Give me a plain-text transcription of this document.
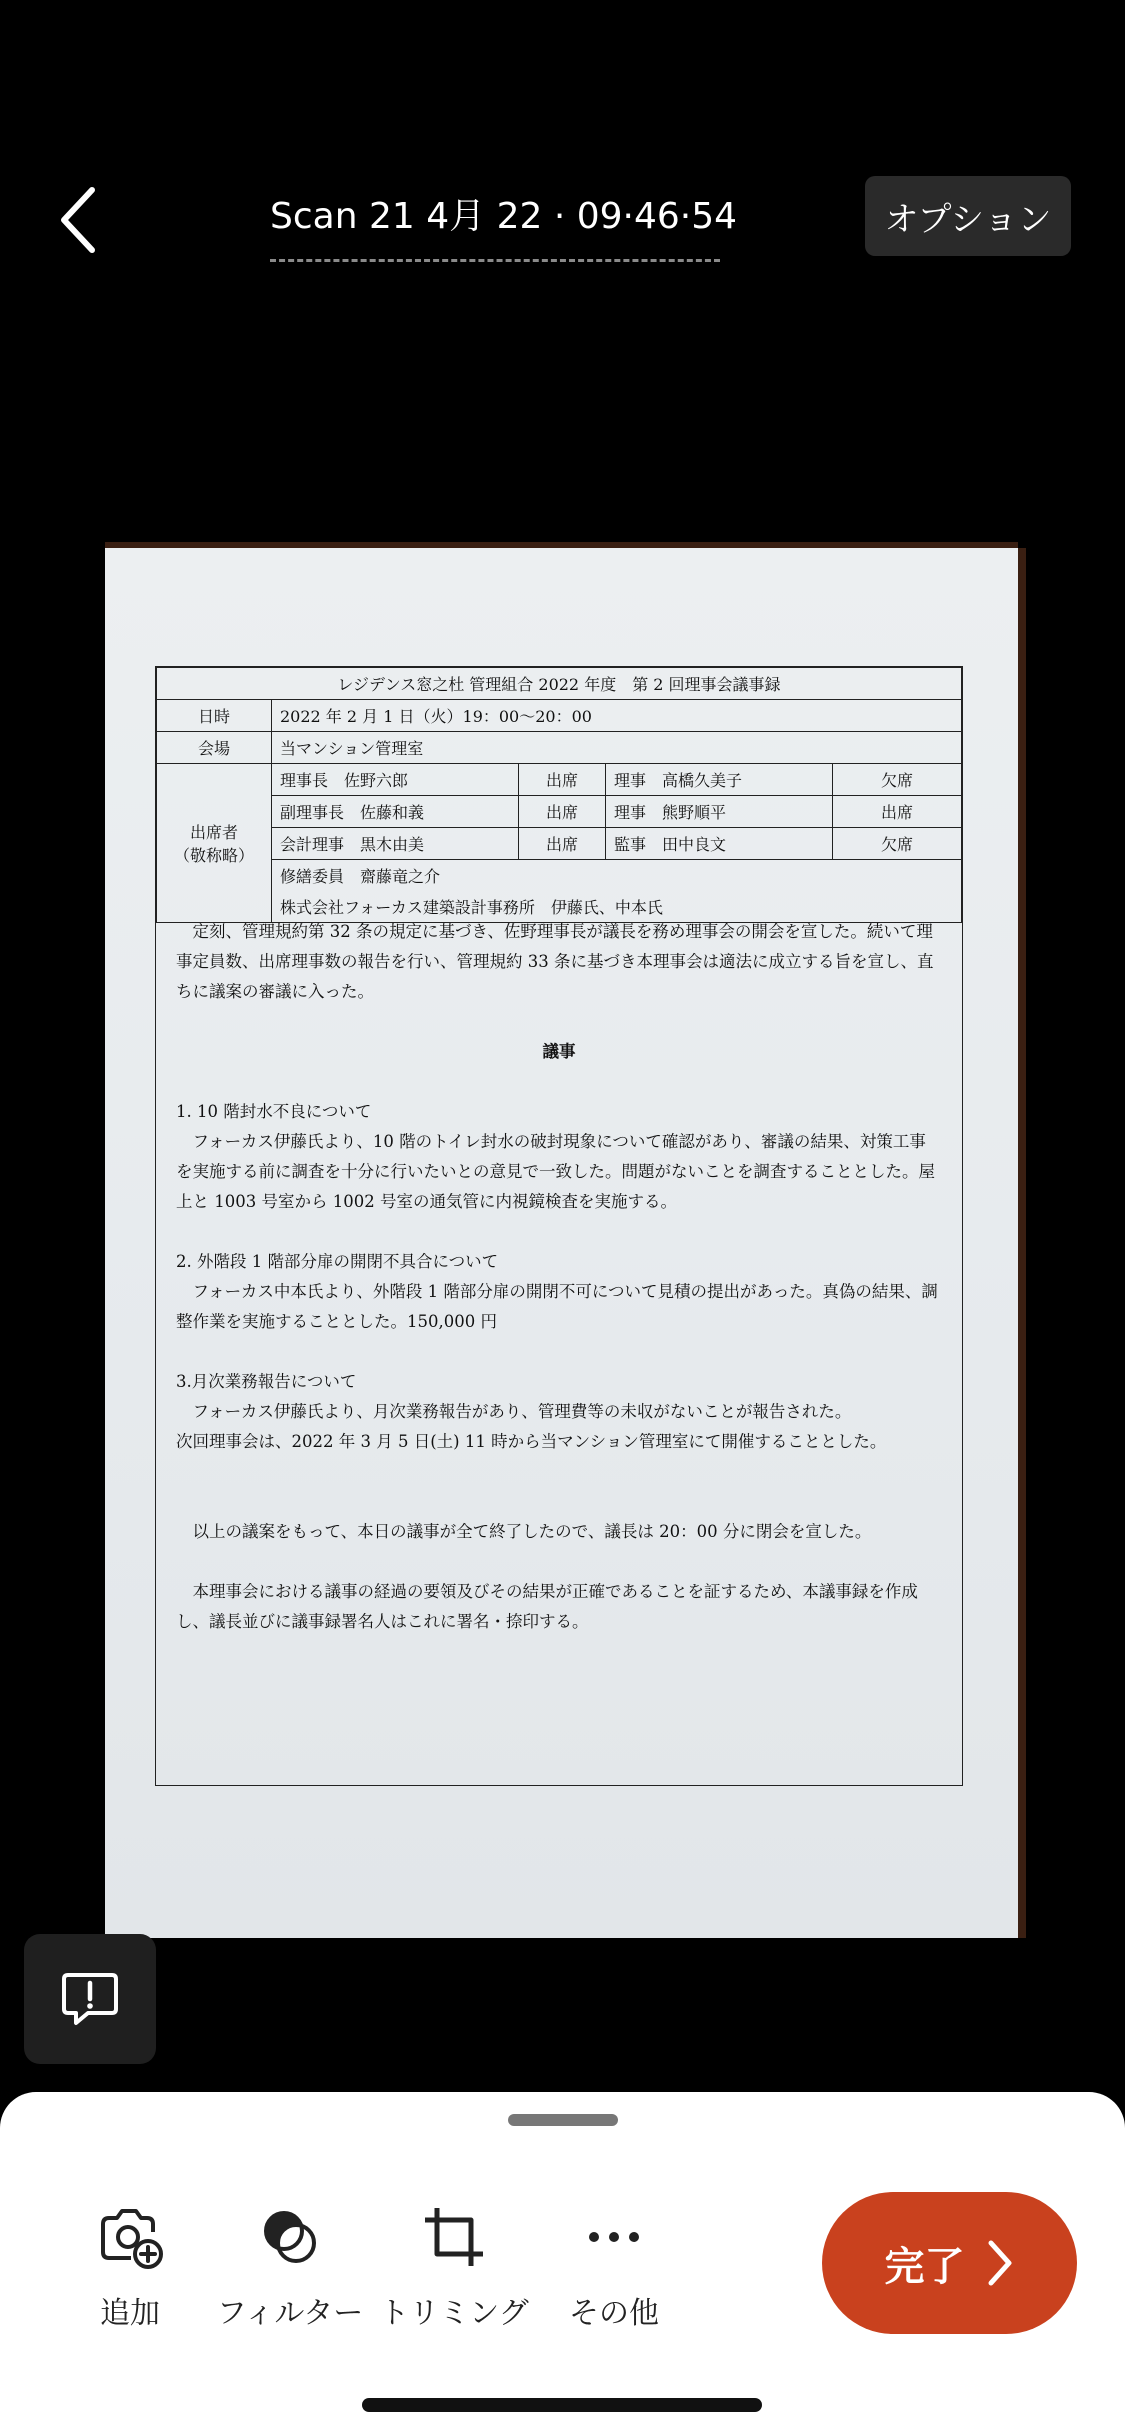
Scan 21 4月 22 · 09·46·54	オプション
レジデンス窓之杜 管理組合 2022 年度　第 2 回理事会議事録				
日時	2022 年 2 月 1 日（火）19：00〜20：00			
会場	当マンション管理室			
出席者
（敬称略）	理事長　佐野六郎	出席	理事　高橋久美子	欠席
	副理事長　佐藤和義	出席	理事　熊野順平	出席
	会計理事　黒木由美	出席	監事　田中良文	欠席
	修繕委員　齋藤竜之介			
	株式会社フォーカス建築設計事務所　伊藤氏、中本氏			

　定刻、管理規約第 32 条の規定に基づき、佐野理事長が議長を務め理事会の開会を宣した。続いて理事定員数、出席理事数の報告を行い、管理規約 33 条に基づき本理事会は適法に成立する旨を宣し、直ちに議案の審議に入った。

議事

1. 10 階封水不良について

　フォーカス伊藤氏より、10 階のトイレ封水の破封現象について確認があり、審議の結果、対策工事を実施する前に調査を十分に行いたいとの意見で一致した。問題がないことを調査することとした。屋上と 1003 号室から 1002 号室の通気管に内視鏡検査を実施する。

2. 外階段 1 階部分扉の開閉不具合について

　フォーカス中本氏より、外階段 1 階部分扉の開閉不可について見積の提出があった。真偽の結果、調整作業を実施することとした。150,000 円

3.月次業務報告について

　フォーカス伊藤氏より、月次業務報告があり、管理費等の未収がないことが報告された。

次回理事会は、2022 年 3 月 5 日(土) 11 時から当マンション管理室にて開催することとした。

　以上の議案をもって、本日の議事が全て終了したので、議長は 20：00 分に閉会を宣した。

　本理事会における議事の経過の要領及びその結果が正確であることを証するため、本議事録を作成し、議長並びに議事録署名人はこれに署名・捺印する。

追加	フィルター トリミング	その他
完了
